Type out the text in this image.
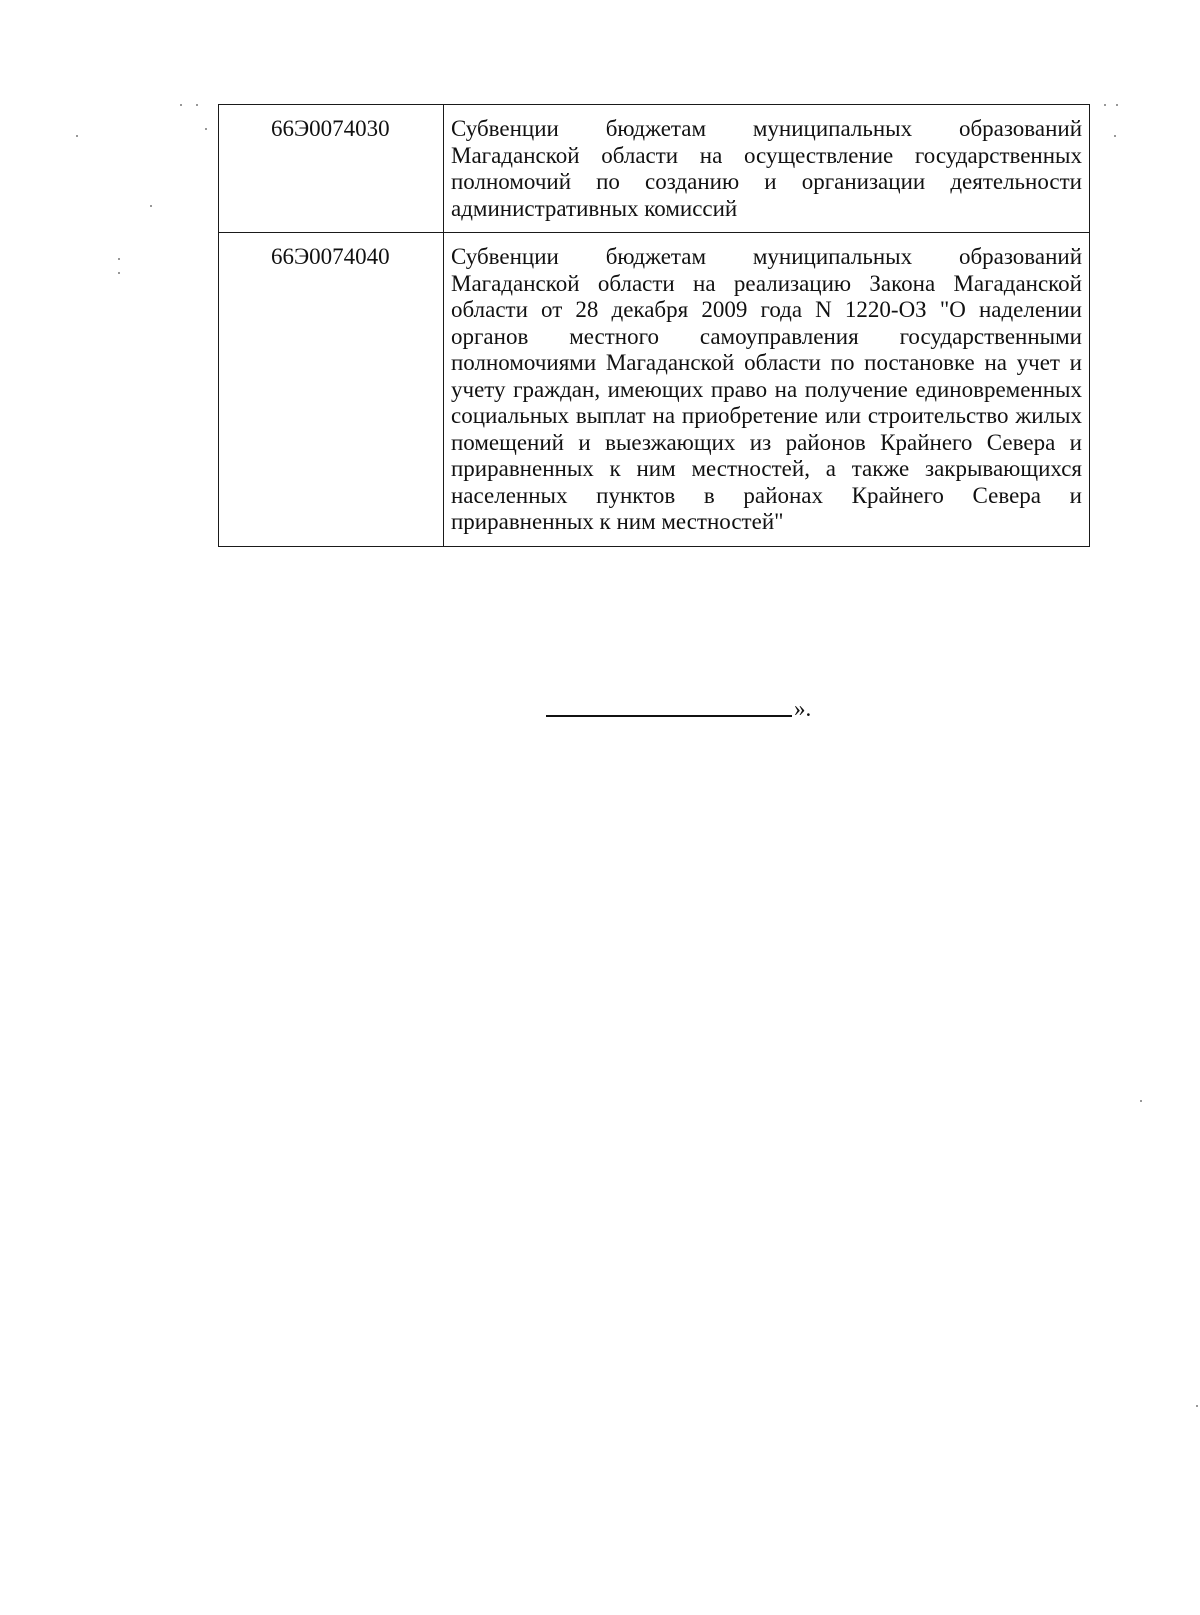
66Э0074030	Субвенции бюджетам муниципальных образований Магаданской области на осуществление государственных полномочий по созданию и организации деятельности административных комиссий
66Э0074040	Субвенции бюджетам муниципальных образований Магаданской области на реализацию Закона Магаданской области от 28 декабря 2009 года N 1220-ОЗ "О наделении органов местного самоуправления государственными полномочиями Магаданской области по постановке на учет и учету граждан, имеющих право на получение единовременных социальных выплат на приобретение или строительство жилых помещений и выезжающих из районов Крайнего Севера и приравненных к ним местностей, а также закрывающихся населенных пунктов в районах Крайнего Севера и приравненных к ним местностей"
».
